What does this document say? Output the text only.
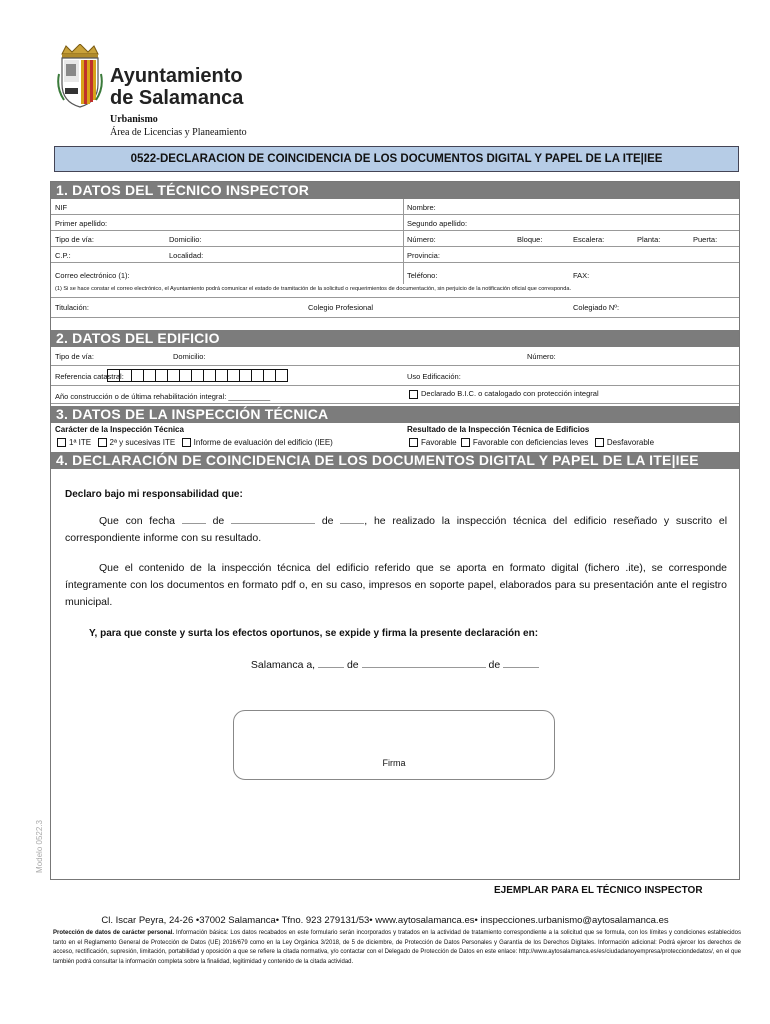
Ayuntamiento
de Salamanca
Urbanismo
Área de Licencias y Planeamiento
0522-DECLARACION DE COINCIDENCIA DE LOS DOCUMENTOS DIGITAL Y PAPEL DE LA ITE|IEE
1. DATOS DEL TÉCNICO INSPECTOR
NIF	Nombre:
Primer apellido:	Segundo apellido:
Tipo de vía:	Domicilio:	Número:	Bloque:	Escalera:	Planta:	Puerta:
C.P.:	Localidad:	Provincia:
Correo electrónico (1):	Teléfono:	FAX:
(1) Si se hace constar el correo electrónico, el Ayuntamiento podrá comunicar el estado de tramitación de la solicitud o requerimientos de documentación, sin perjuicio de la notificación oficial que corresponda.
Titulación:	Colegio Profesional	Colegiado Nº:
2. DATOS DEL EDIFICIO
Tipo de vía:	Domicilio:	Número:
Referencia catastral:	Uso Edificación:
Año construcción o de última rehabilitación integral: __________	Declarado B.I.C. o catalogado con protección integral
3. DATOS DE LA INSPECCIÓN TÉCNICA
Carácter de la Inspección Técnica	Resultado de la Inspección Técnica de Edificios
1ª ITE 2ª y sucesivas ITE Informe de evaluación del edificio (IEE)	Favorable Favorable con deficiencias leves Desfavorable
4. DECLARACIÓN DE COINCIDENCIA DE LOS DOCUMENTOS DIGITAL Y PAPEL DE LA ITE|IEE
Declaro bajo mi responsabilidad que:
Que con fecha	de	de	, he realizado la inspección técnica del edificio reseñado y suscrito el correspondiente informe con su resultado.
Que el contenido de la inspección técnica del edificio referido que se aporta en formato digital (fichero .ite), se corresponde íntegramente con los documentos en formato pdf o, en su caso, impresos en soporte papel, elaborados para su presentación ante el registro municipal.
Y, para que conste y surta los efectos oportunos, se expide y firma la presente declaración en:
Salamanca a,	de	de
Firma
Modelo 0522.3
EJEMPLAR PARA EL TÉCNICO INSPECTOR
Cl. Iscar Peyra, 24-26 •37002 Salamanca• Tfno. 923 279131/53• www.aytosalamanca.es• inspecciones.urbanismo@aytosalamanca.es
Protección de datos de carácter personal. Información básica: Los datos recabados en este formulario serán incorporados y tratados en la actividad de tratamiento correspondiente a la solicitud que se formula, con los límites y condiciones establecidos tanto en el Reglamento General de Protección de Datos (UE) 2016/679 como en la Ley Orgánica 3/2018, de 5 de diciembre, de Protección de Datos Personales y Garantía de los Derechos Digitales. Información adicional: Podrá ejercer los derechos de acceso, rectificación, supresión, limitación, portabilidad y oposición a que se refiere la citada normativa, y/o contactar con el Delegado de Protección de Datos en este enlace: http://www.aytosalamanca.es/es/ciudadanoyempresa/protecciondedatos/, en el que también podrá consultar la información completa sobre la finalidad, legitimidad y contenido de la citada actividad.
